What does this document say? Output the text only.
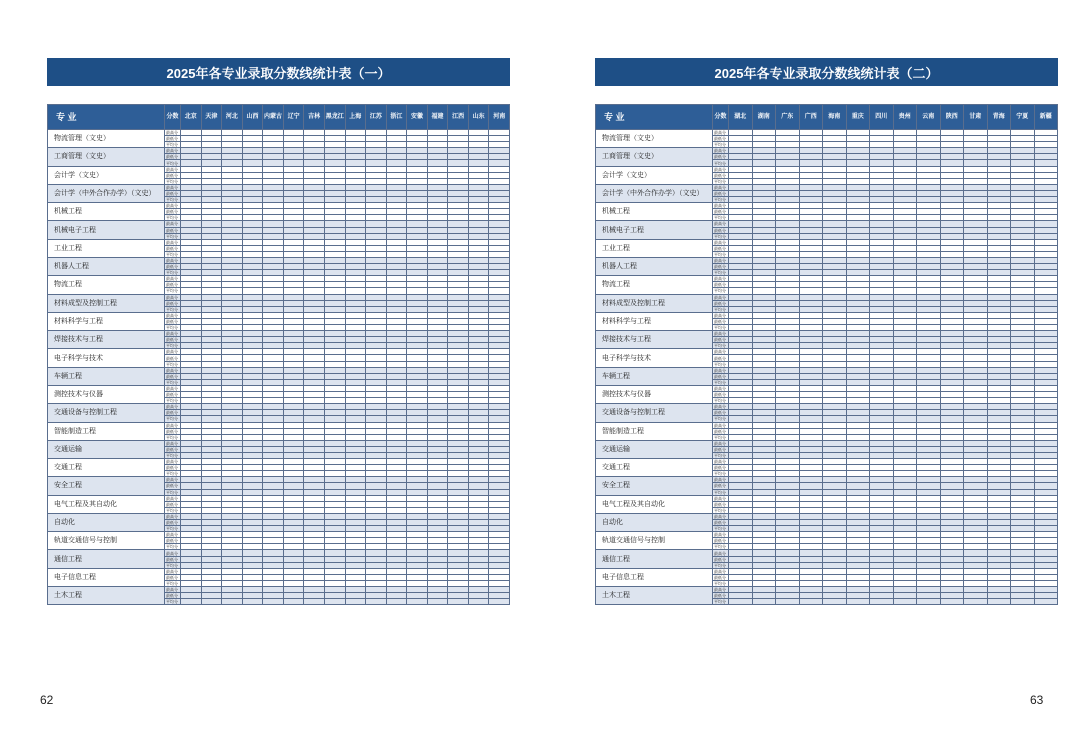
2025年各专业录取分数线统计表（一）
专 业	分数	北京	天津	河北	山西	内蒙古	辽宁	吉林	黑龙江	上海	江苏	浙江	安徽	福建	江西	山东	河南
物流管理（文史）	最高分																
	最低分																
	平均分																
工商管理（文史）	最高分																
	最低分																
	平均分																
会计学（文史）	最高分																
	最低分																
	平均分																
会计学（中外合作办学）（文史）	最高分																
	最低分																
	平均分																
机械工程	最高分																
	最低分																
	平均分																
机械电子工程	最高分																
	最低分																
	平均分																
工业工程	最高分																
	最低分																
	平均分																
机器人工程	最高分																
	最低分																
	平均分																
物流工程	最高分																
	最低分																
	平均分																
材料成型及控制工程	最高分																
	最低分																
	平均分																
材料科学与工程	最高分																
	最低分																
	平均分																
焊接技术与工程	最高分																
	最低分																
	平均分																
电子科学与技术	最高分																
	最低分																
	平均分																
车辆工程	最高分																
	最低分																
	平均分																
测控技术与仪器	最高分																
	最低分																
	平均分																
交通设备与控制工程	最高分																
	最低分																
	平均分																
智能制造工程	最高分																
	最低分																
	平均分																
交通运输	最高分																
	最低分																
	平均分																
交通工程	最高分																
	最低分																
	平均分																
安全工程	最高分																
	最低分																
	平均分																
电气工程及其自动化	最高分																
	最低分																
	平均分																
自动化	最高分																
	最低分																
	平均分																
轨道交通信号与控制	最高分																
	最低分																
	平均分																
通信工程	最高分																
	最低分																
	平均分																
电子信息工程	最高分																
	最低分																
	平均分																
土木工程	最高分																
	最低分																
	平均分																
2025年各专业录取分数线统计表（二）
专 业	分数	湖北	湖南	广东	广西	海南	重庆	四川	贵州	云南	陕西	甘肃	青海	宁夏	新疆
物流管理（文史）	最高分														
	最低分														
	平均分														
工商管理（文史）	最高分														
	最低分														
	平均分														
会计学（文史）	最高分														
	最低分														
	平均分														
会计学（中外合作办学）（文史）	最高分														
	最低分														
	平均分														
机械工程	最高分														
	最低分														
	平均分														
机械电子工程	最高分														
	最低分														
	平均分														
工业工程	最高分														
	最低分														
	平均分														
机器人工程	最高分														
	最低分														
	平均分														
物流工程	最高分														
	最低分														
	平均分														
材料成型及控制工程	最高分														
	最低分														
	平均分														
材料科学与工程	最高分														
	最低分														
	平均分														
焊接技术与工程	最高分														
	最低分														
	平均分														
电子科学与技术	最高分														
	最低分														
	平均分														
车辆工程	最高分														
	最低分														
	平均分														
测控技术与仪器	最高分														
	最低分														
	平均分														
交通设备与控制工程	最高分														
	最低分														
	平均分														
智能制造工程	最高分														
	最低分														
	平均分														
交通运输	最高分														
	最低分														
	平均分														
交通工程	最高分														
	最低分														
	平均分														
安全工程	最高分														
	最低分														
	平均分														
电气工程及其自动化	最高分														
	最低分														
	平均分														
自动化	最高分														
	最低分														
	平均分														
轨道交通信号与控制	最高分														
	最低分														
	平均分														
通信工程	最高分														
	最低分														
	平均分														
电子信息工程	最高分														
	最低分														
	平均分														
土木工程	最高分														
	最低分														
	平均分														
62	63
